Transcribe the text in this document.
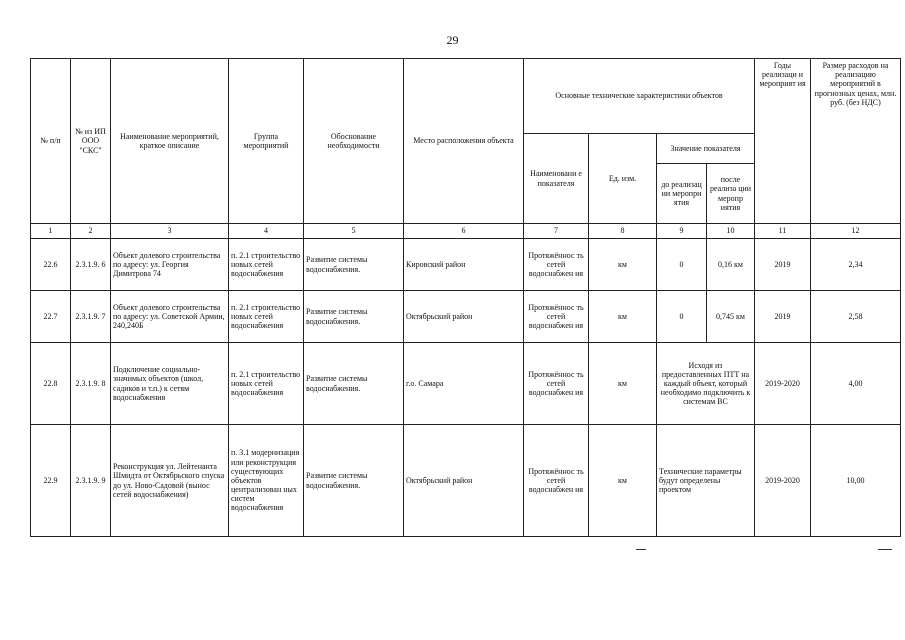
29
№ п/п	№ из ИП ООО "СКС"	Наименование мероприятий, краткое описание	Группа мероприятий	Обоснование необходимости	Место расположения объекта	Основные технические характеристики объектов				Годы реализаци и мероприят ия	Размер расходов на реализацию мероприятий в прогнозных ценах, млн. руб. (без НДС)
						Наименовани е показателя	Ед. изм.	Значение показателя			
								до реализац ии меропри ятия	после реализа ции меропр иятия		
1	2	3	4	5	6	7	8	9	10	11	12
22.6	2.3.1.9. 6	Объект долевого строительства по адресу: ул. Георгия Димитрова 74	п. 2.1 строительство новых сетей водоснабжения	Развитие системы водоснабжения.	Кировский район	Протяжённос ть сетей водоснабжен ия	км	0	0,16 км	2019	2,34
22.7	2.3.1.9. 7	Объект долевого строительства по адресу: ул. Советской Армии, 240,240Б	п. 2.1 строительство новых сетей водоснабжения	Развитие системы водоснабжения.	Октябрьский район	Протяжённос ть сетей водоснабжен ия	км	0	0,745 км	2019	2,58
22.8	2.3.1.9. 8	Подключение социально-значимых объектов (школ, садиков и т.п.) к сетям водоснабжения	п. 2.1 строительство новых сетей водоснабжения	Развитие системы водоснабжения.	г.о. Самара	Протяжённос ть сетей водоснабжен ия	км	Исходя из предоставленных ПТТ на каждый объект, который необходимо подключить к системам ВС		2019-2020	4,00
22.9	2.3.1.9. 9	Реконструкция ул. Лейтенанта Шмидта от Октябрьского спуска до ул. Ново-Садовой (вынос сетей водоснабжения)	п. 3.1 модернизация или реконструкция существующих объектов централизован ных систем водоснабжения	Развитие системы водоснабжения.	Октябрьский район	Протяжённос ть сетей водоснабжен ия	км	Технические параметры будут определены проектом		2019-2020	10,00
